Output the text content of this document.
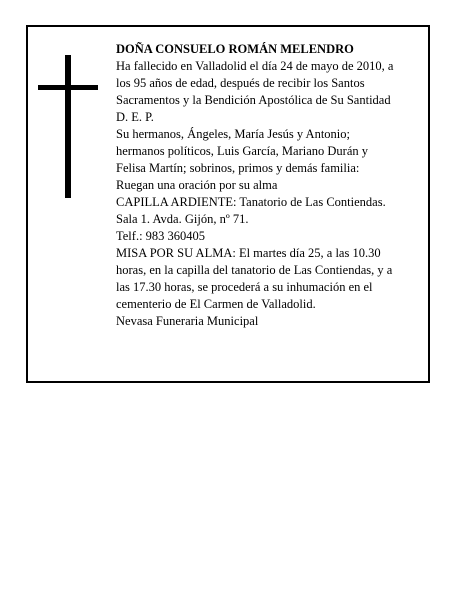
DOÑA CONSUELO ROMÁN MELENDRO
Ha fallecido en Valladolid el día 24 de mayo de 2010, a
los 95 años de edad, después de recibir los Santos
Sacramentos y la Bendición Apostólica de Su Santidad
D. E. P.
Su hermanos, Ángeles, María Jesús y Antonio;
hermanos políticos, Luis García, Mariano Durán y
Felisa Martín; sobrinos, primos y demás familia:
Ruegan una oración por su alma
CAPILLA ARDIENTE: Tanatorio de Las Contiendas.
Sala 1. Avda. Gijón, nº 71.
Telf.: 983 360405
MISA POR SU ALMA: El martes día 25, a las 10.30
horas, en la capilla del tanatorio de Las Contiendas, y a
las 17.30 horas, se procederá a su inhumación en el
cementerio de El Carmen de Valladolid.
Nevasa Funeraria Municipal
